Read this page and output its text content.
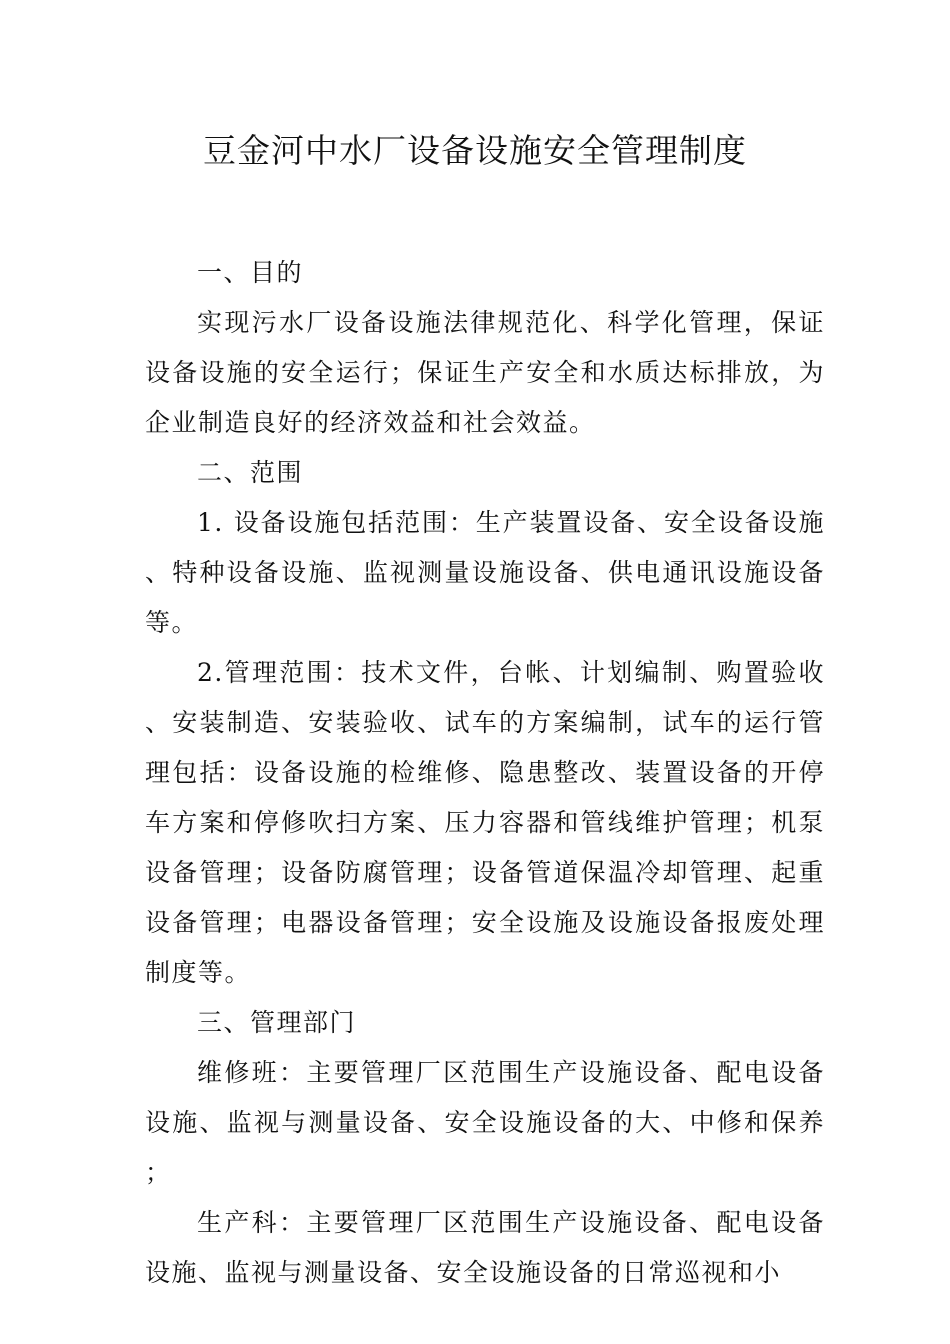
豆金河中水厂设备设施安全管理制度

一、目的

实现污水厂设备设施法律规范化、科学化管理，保证设备设施的安全运行；保证生产安全和水质达标排放，为企业制造良好的经济效益和社会效益。

二、范围

1. 设备设施包括范围：生产装置设备、安全设备设施、特种设备设施、监视测量设施设备、供电通讯设施设备等。

2.管理范围：技术文件，台帐、计划编制、购置验收、安装制造、安装验收、试车的方案编制，试车的运行管理包括：设备设施的检维修、隐患整改、装置设备的开停车方案和停修吹扫方案、压力容器和管线维护管理；机泵设备管理；设备防腐管理；设备管道保温冷却管理、起重设备管理；电器设备管理；安全设施及设施设备报废处理制度等。

三、管理部门

维修班：主要管理厂区范围生产设施设备、配电设备设施、监视与测量设备、安全设施设备的大、中修和保养；

生产科：主要管理厂区范围生产设施设备、配电设备设施、监视与测量设备、安全设施设备的日常巡视和小
